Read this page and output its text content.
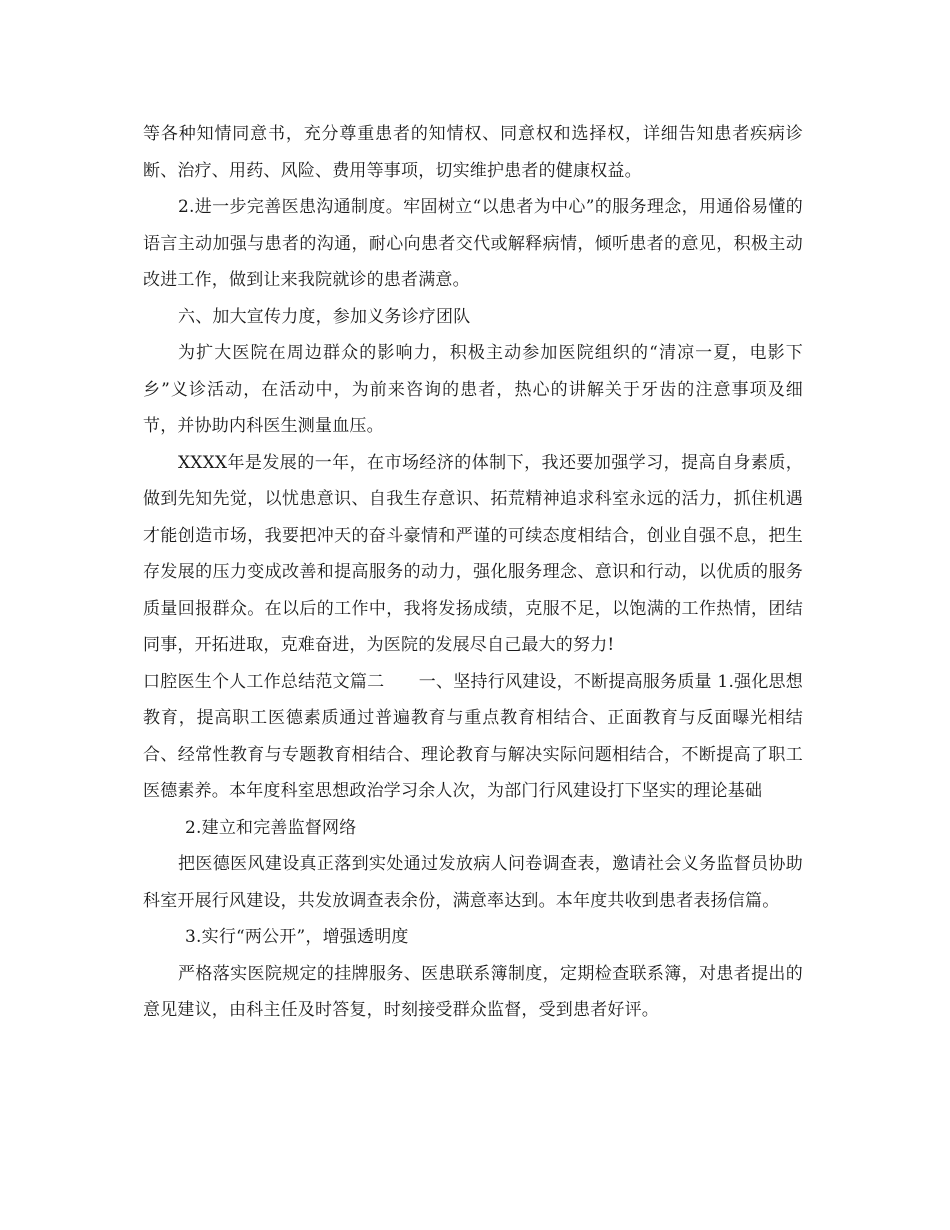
等各种知情同意书，充分尊重患者的知情权、同意权和选择权，详细告知患者疾病诊断、治疗、用药、风险、费用等事项，切实维护患者的健康权益。

2.进一步完善医患沟通制度。牢固树立“以患者为中心”的服务理念，用通俗易懂的语言主动加强与患者的沟通，耐心向患者交代或解释病情，倾听患者的意见，积极主动改进工作，做到让来我院就诊的患者满意。

六、加大宣传力度，参加义务诊疗团队

为扩大医院在周边群众的影响力，积极主动参加医院组织的“清凉一夏，电影下乡”义诊活动，在活动中，为前来咨询的患者，热心的讲解关于牙齿的注意事项及细节，并协助内科医生测量血压。

XXXX年是发展的一年，在市场经济的体制下，我还要加强学习，提高自身素质，做到先知先觉，以忧患意识、自我生存意识、拓荒精神追求科室永远的活力，抓住机遇才能创造市场，我要把冲天的奋斗豪情和严谨的可续态度相结合，创业自强不息，把生存发展的压力变成改善和提高服务的动力，强化服务理念、意识和行动，以优质的服务质量回报群众。在以后的工作中，我将发扬成绩，克服不足，以饱满的工作热情，团结同事，开拓进取，克难奋进，为医院的发展尽自己最大的努力!

口腔医生个人工作总结范文篇二　　一、坚持行风建设，不断提高服务质量 1.强化思想教育，提高职工医德素质通过普遍教育与重点教育相结合、正面教育与反面曝光相结合、经常性教育与专题教育相结合、理论教育与解决实际问题相结合，不断提高了职工医德素养。本年度科室思想政治学习余人次，为部门行风建设打下坚实的理论基础

2.建立和完善监督网络

把医德医风建设真正落到实处通过发放病人问卷调查表，邀请社会义务监督员协助科室开展行风建设，共发放调查表余份，满意率达到。本年度共收到患者表扬信篇。

3.实行“两公开”，增强透明度

严格落实医院规定的挂牌服务、医患联系簿制度，定期检查联系簿，对患者提出的意见建议，由科主任及时答复，时刻接受群众监督，受到患者好评。
